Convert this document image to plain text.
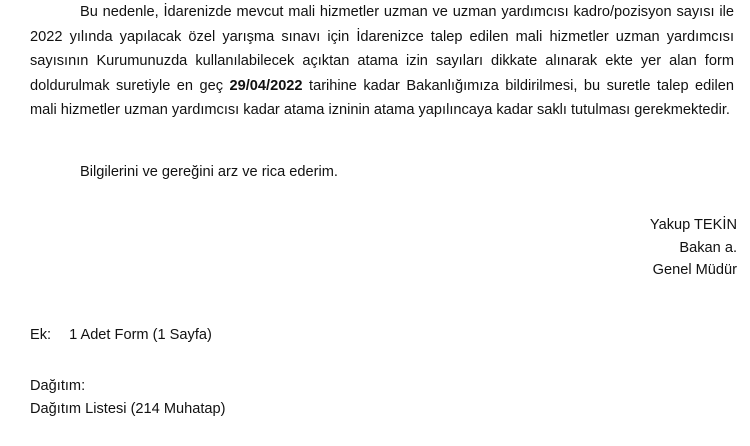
Bu nedenle, İdarenizde mevcut mali hizmetler uzman ve uzman yardımcısı kadro/pozisyon sayısı ile 2022 yılında yapılacak özel yarışma sınavı için İdarenizce talep edilen mali hizmetler uzman yardımcısı sayısının Kurumunuzda kullanılabilecek açıktan atama izin sayıları dikkate alınarak ekte yer alan form doldurulmak suretiyle en geç 29/04/2022 tarihine kadar Bakanlığımıza bildirilmesi, bu suretle talep edilen mali hizmetler uzman yardımcısı kadar atama izninin atama yapılıncaya kadar saklı tutulması gerekmektedir.

Bilgilerini ve gereğini arz ve rica ederim.

Yakup TEKİN
Bakan a.
Genel Müdür
Ek: 1 Adet Form (1 Sayfa)
Dağıtım:
Dağıtım Listesi (214 Muhatap)
